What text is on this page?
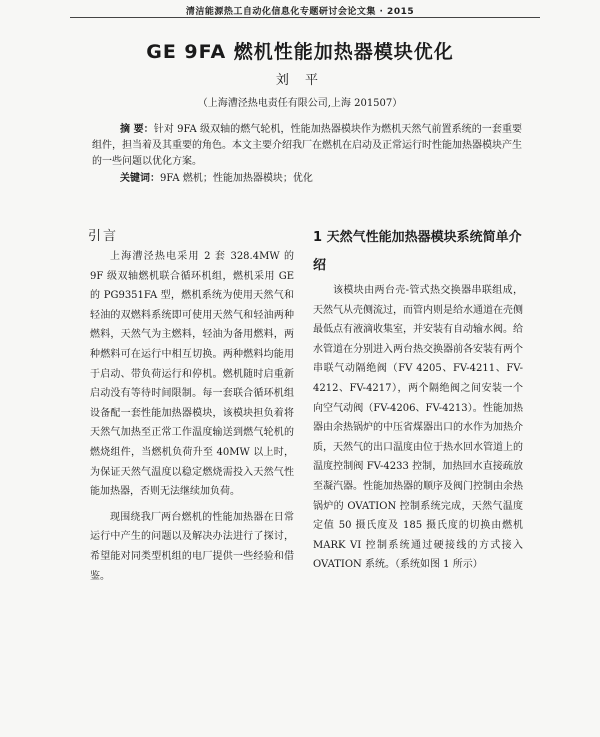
清洁能源热工自动化信息化专题研讨会论文集 · 2015
GE 9FA 燃机性能加热器模块优化
刘 平
（上海漕泾热电责任有限公司,上海 201507）
摘 要：针对 9FA 级双轴的燃气轮机，性能加热器模块作为燃机天然气前置系统的一套重要组件，担当着及其重要的角色。本文主要介绍我厂在燃机在启动及正常运行时性能加热器模块产生的一些问题以优化方案。
关键词：9FA 燃机；性能加热器模块；优化
引言

上海漕泾热电采用 2 套 328.4MW 的 9F 级双轴燃机联合循环机组，燃机采用 GE 的 PG9351FA 型，燃机系统为使用天然气和轻油的双燃料系统即可使用天然气和轻油两种燃料，天然气为主燃料，轻油为备用燃料，两种燃料可在运行中相互切换。两种燃料均能用于启动、带负荷运行和停机。燃机随时启重新启动没有等待时间限制。每一套联合循环机组设备配一套性能加热器模块，该模块担负着将天然气加热至正常工作温度输送到燃气轮机的燃烧组件，当燃机负荷升至 40MW 以上时，为保证天然气温度以稳定燃烧需投入天然气性能加热器，否则无法继续加负荷。

现围绕我厂两台燃机的性能加热器在日常运行中产生的问题以及解决办法进行了探讨，希望能对同类型机组的电厂提供一些经验和借鉴。

1 天然气性能加热器模块系统简单介绍

该模块由两台壳-管式热交换器串联组成，天然气从壳侧流过，而管内则是给水通道在壳侧最低点有液滴收集室，并安装有自动输水阀。给水管道在分别进入两台热交换器前各安装有两个串联气动隔绝阀（FV 4205、FV-4211、FV-4212、FV-4217），两个隔绝阀之间安装一个向空气动阀（FV-4206、FV-4213）。性能加热器由余热锅炉的中压省煤器出口的水作为加热介质，天然气的出口温度由位于热水回水管道上的温度控制阀 FV-4233 控制，加热回水直接疏放至凝汽器。性能加热器的顺序及阀门控制由余热锅炉的 OVATION 控制系统完成，天然气温度定值 50 摄氏度及 185 摄氏度的切换由燃机 MARK VI 控制系统通过硬接线的方式接入 OVATION 系统。（系统如图 1 所示）
